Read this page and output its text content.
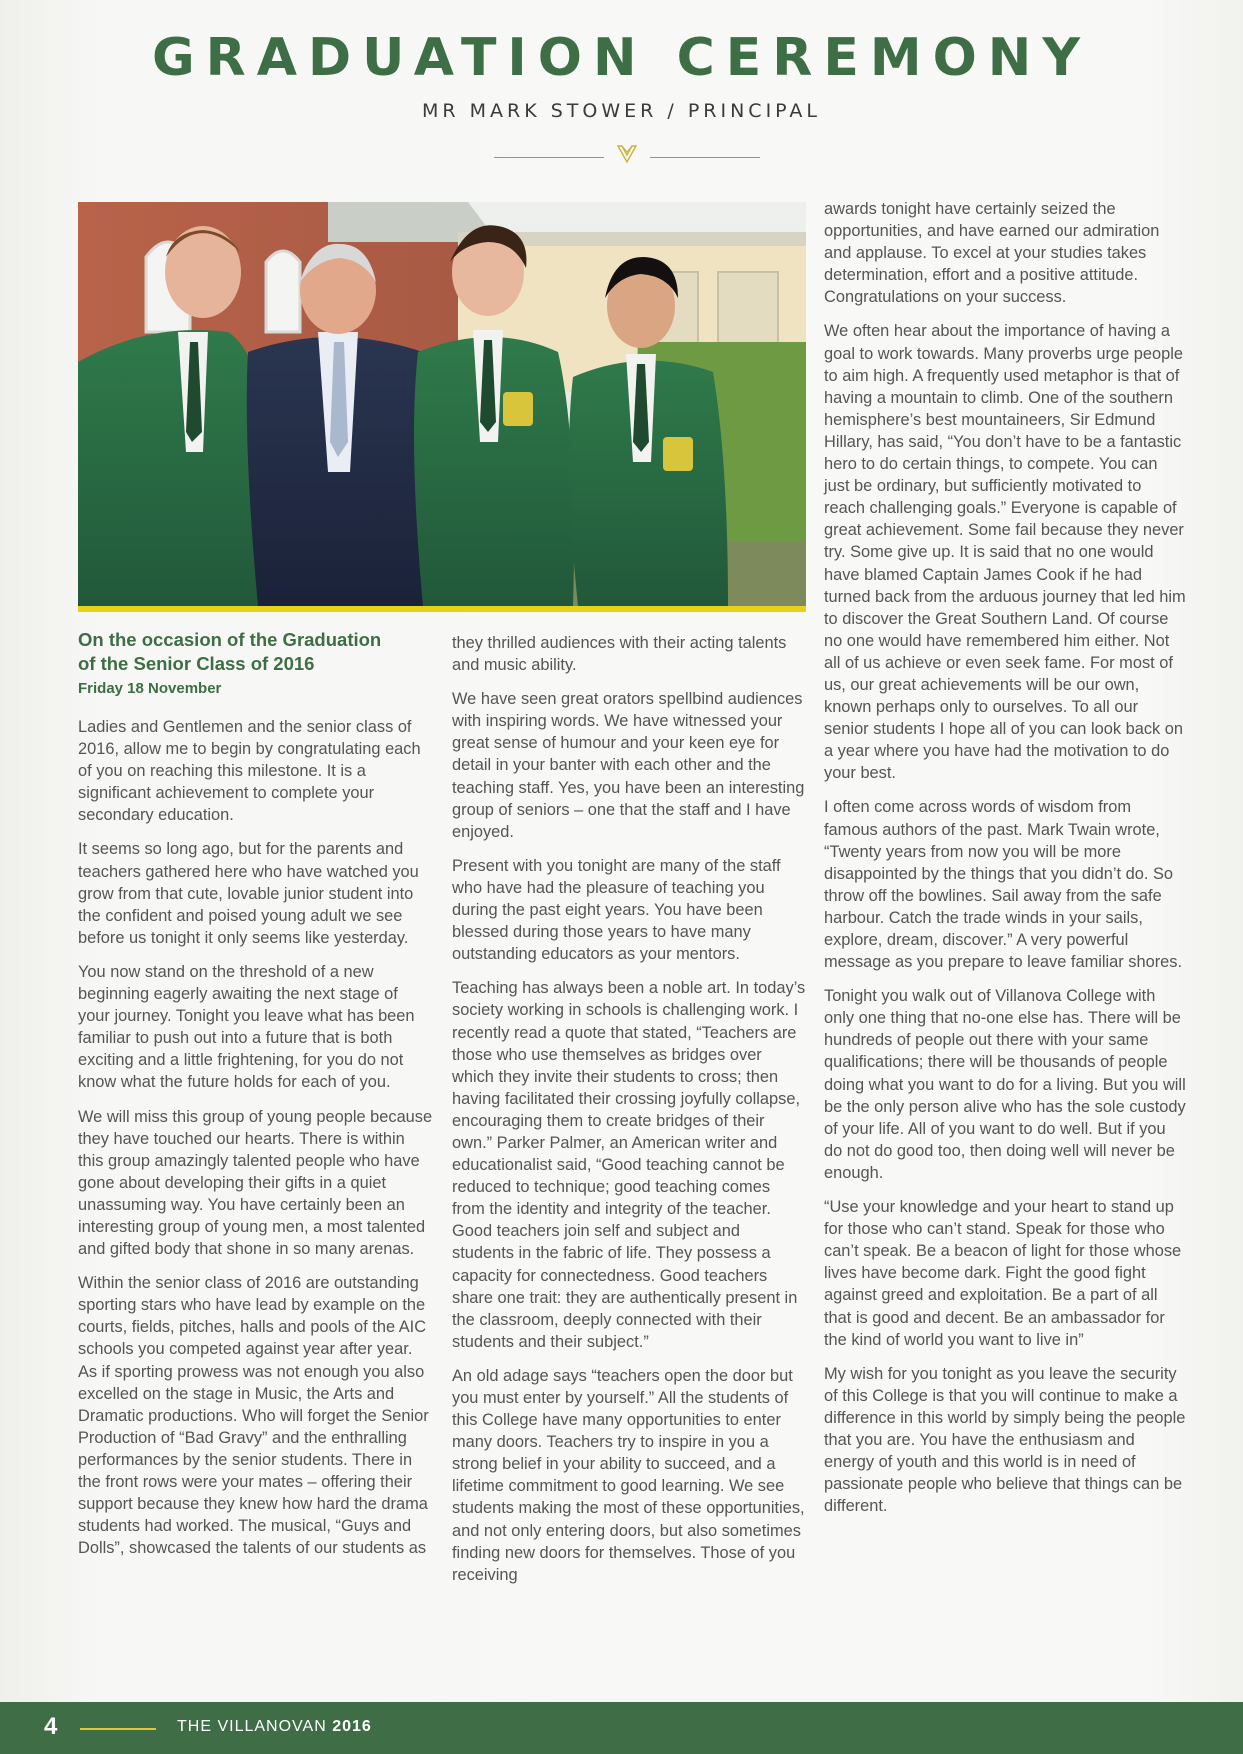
GRADUATION CEREMONY
MR MARK STOWER / PRINCIPAL
On the occasion of the Graduation
of the Senior Class of 2016
Friday 18 November

Ladies and Gentlemen and the senior class of 2016, allow me to begin by congratulating each of you on reaching this milestone. It is a significant achievement to complete your secondary education.

It seems so long ago, but for the parents and teachers gathered here who have watched you grow from that cute, lovable junior student into the confident and poised young adult we see before us tonight it only seems like yesterday.

You now stand on the threshold of a new beginning eagerly awaiting the next stage of your journey. Tonight you leave what has been familiar to push out into a future that is both exciting and a little frightening, for you do not know what the future holds for each of you.

We will miss this group of young people because they have touched our hearts. There is within this group amazingly talented people who have gone about developing their gifts in a quiet unassuming way. You have certainly been an interesting group of young men, a most talented and gifted body that shone in so many arenas.

Within the senior class of 2016 are outstanding sporting stars who have lead by example on the courts, fields, pitches, halls and pools of the AIC schools you competed against year after year. As if sporting prowess was not enough you also excelled on the stage in Music, the Arts and Dramatic productions. Who will forget the Senior Production of “Bad Gravy” and the enthralling performances by the senior students. There in the front rows were your mates – offering their support because they knew how hard the drama students had worked. The musical, “Guys and Dolls”, showcased the talents of our students as

they thrilled audiences with their acting talents and music ability.

We have seen great orators spellbind audiences with inspiring words. We have witnessed your great sense of humour and your keen eye for detail in your banter with each other and the teaching staff. Yes, you have been an interesting group of seniors – one that the staff and I have enjoyed.

Present with you tonight are many of the staff who have had the pleasure of teaching you during the past eight years. You have been blessed during those years to have many outstanding educators as your mentors.

Teaching has always been a noble art. In today’s society working in schools is challenging work. I recently read a quote that stated, “Teachers are those who use themselves as bridges over which they invite their students to cross; then having facilitated their crossing joyfully collapse, encouraging them to create bridges of their own.” Parker Palmer, an American writer and educationalist said, “Good teaching cannot be reduced to technique; good teaching comes from the identity and integrity of the teacher. Good teachers join self and subject and students in the fabric of life. They possess a capacity for connectedness. Good teachers share one trait: they are authentically present in the classroom, deeply connected with their students and their subject.”

An old adage says “teachers open the door but you must enter by yourself.” All the students of this College have many opportunities to enter many doors. Teachers try to inspire in you a strong belief in your ability to succeed, and a lifetime commitment to good learning. We see students making the most of these opportunities, and not only entering doors, but also sometimes finding new doors for themselves. Those of you receiving

awards tonight have certainly seized the opportunities, and have earned our admiration and applause. To excel at your studies takes determination, effort and a positive attitude. Congratulations on your success.

We often hear about the importance of having a goal to work towards. Many proverbs urge people to aim high. A frequently used metaphor is that of having a mountain to climb. One of the southern hemisphere’s best mountaineers, Sir Edmund Hillary, has said, “You don’t have to be a fantastic hero to do certain things, to compete. You can just be ordinary, but sufficiently motivated to reach challenging goals.” Everyone is capable of great achievement. Some fail because they never try. Some give up. It is said that no one would have blamed Captain James Cook if he had turned back from the arduous journey that led him to discover the Great Southern Land. Of course no one would have remembered him either. Not all of us achieve or even seek fame. For most of us, our great achievements will be our own, known perhaps only to ourselves. To all our senior students I hope all of you can look back on a year where you have had the motivation to do your best.

I often come across words of wisdom from famous authors of the past. Mark Twain wrote, “Twenty years from now you will be more disappointed by the things that you didn’t do. So throw off the bowlines. Sail away from the safe harbour. Catch the trade winds in your sails, explore, dream, discover.” A very powerful message as you prepare to leave familiar shores.

Tonight you walk out of Villanova College with only one thing that no-one else has. There will be hundreds of people out there with your same qualifications; there will be thousands of people doing what you want to do for a living. But you will be the only person alive who has the sole custody of your life. All of you want to do well. But if you do not do good too, then doing well will never be enough.

“Use your knowledge and your heart to stand up for those who can’t stand. Speak for those who can’t speak. Be a beacon of light for those whose lives have become dark. Fight the good fight against greed and exploitation. Be a part of all that is good and decent. Be an ambassador for the kind of world you want to live in”

My wish for you tonight as you leave the security of this College is that you will continue to make a difference in this world by simply being the people that you are. You have the enthusiasm and energy of youth and this world is in need of passionate people who believe that things can be different.

4	THE VILLANOVAN 2016
